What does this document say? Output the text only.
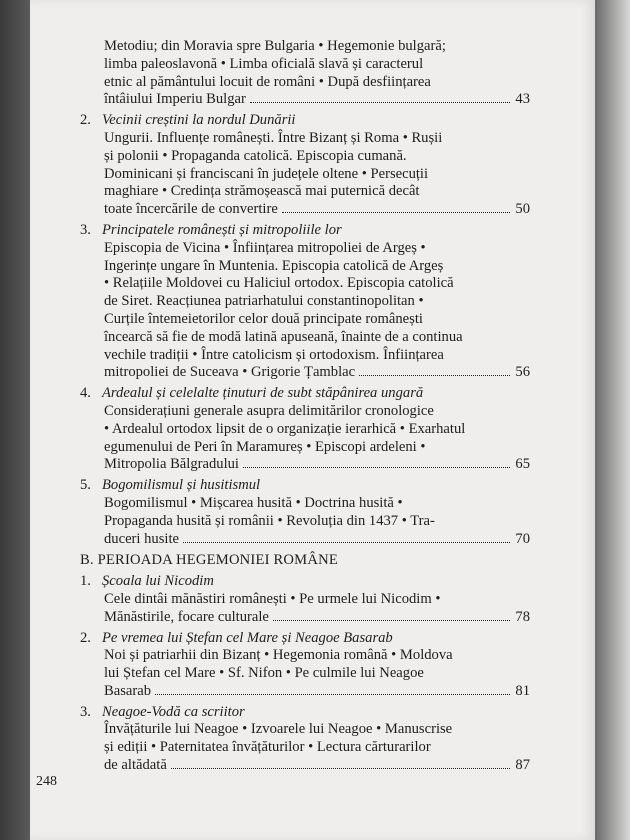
Metodiu; din Moravia spre Bulgaria • Hegemonie bulgară;
limba paleoslavonă • Limba oficială slavă și caracterul
etnic al pământului locuit de români • După desființarea
întâiului Imperiu Bulgar	43
2. Vecinii creștini la nordul Dunării
Ungurii. Influențe românești. Între Bizanț și Roma • Rușii
și polonii • Propaganda catolică. Episcopia cumană.
Dominicani și franciscani în județele oltene • Persecuții
maghiare • Credința strămoșească mai puternică decât
toate încercările de convertire	50
3. Principatele românești și mitropoliile lor
Episcopia de Vicina • Înființarea mitropoliei de Argeș •
Ingerințe ungare în Muntenia. Episcopia catolică de Argeș
• Relațiile Moldovei cu Haliciul ortodox. Episcopia catolică
de Siret. Reacțiunea patriarhatului constantinopolitan •
Curțile întemeietorilor celor două principate românești
încearcă să fie de modă latină apuseană, înainte de a continua
vechile tradiții • Între catolicism și ortodoxism. Înființarea
mitropoliei de Suceava • Grigorie Țamblac	56
4. Ardealul și celelalte ținuturi de subt stăpânirea ungară
Considerațiuni generale asupra delimitărilor cronologice
• Ardealul ortodox lipsit de o organizație ierarhică • Exarhatul
egumenului de Peri în Maramureș • Episcopi ardeleni •
Mitropolia Bălgradului	65
5. Bogomilismul și husitismul
Bogomilismul • Mișcarea husită • Doctrina husită •
Propaganda husită și românii • Revoluția din 1437 • Tra-
duceri husite	70
B. PERIOADA HEGEMONIEI ROMÂNE
1. Școala lui Nicodim
Cele dintâi mănăstiri românești • Pe urmele lui Nicodim •
Mănăstirile, focare culturale	78
2. Pe vremea lui Ștefan cel Mare și Neagoe Basarab
Noi și patriarhii din Bizanț • Hegemonia română • Moldova
lui Ștefan cel Mare • Sf. Nifon • Pe culmile lui Neagoe
Basarab	81
3. Neagoe-Vodă ca scriitor
Învățăturile lui Neagoe • Izvoarele lui Neagoe • Manuscrise
și ediții • Paternitatea învățăturilor • Lectura cărturarilor
de altădată	87
248
